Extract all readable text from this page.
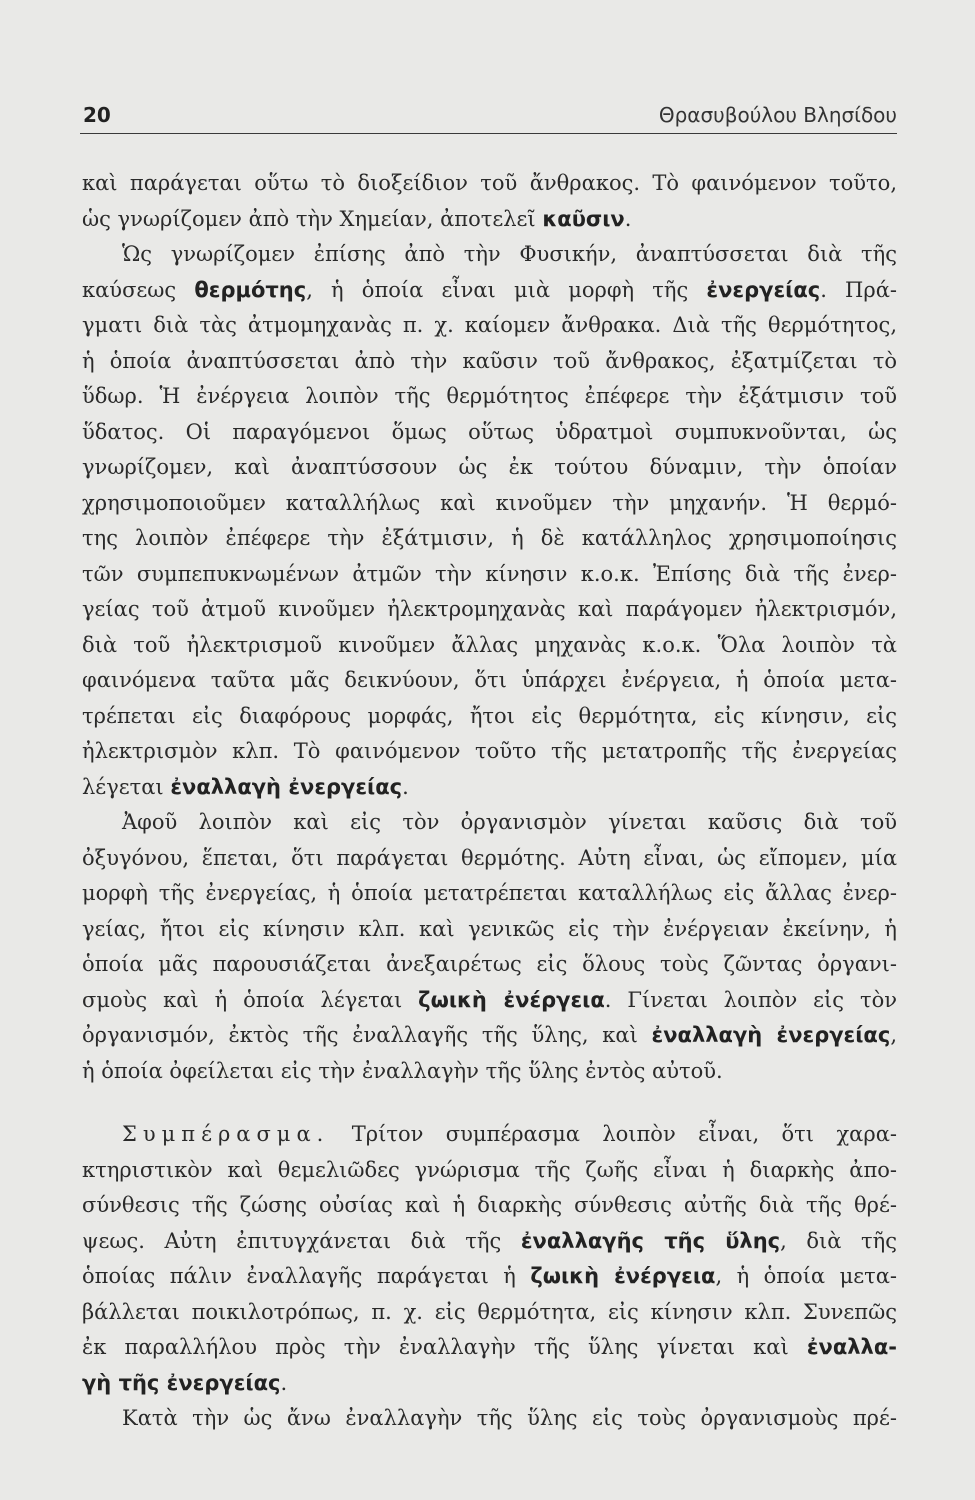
20	Θρασυβούλου Βλησίδου
καὶ παράγεται οὕτω τὸ διοξείδιον τοῦ ἄνθρακος. Τὸ φαινόμενον τοῦτο,
ὡς γνωρίζομεν ἀπὸ τὴν Χημείαν, ἀποτελεῖ καῦσιν.
Ὡς γνωρίζομεν ἐπίσης ἀπὸ τὴν Φυσικήν, ἀναπτύσσεται διὰ τῆς
καύσεως θερμότης, ἡ ὁποία εἶναι μιὰ μορφὴ τῆς ἐνεργείας. Πρά-
γματι διὰ τὰς ἀτμομηχανὰς π. χ. καίομεν ἄνθρακα. Διὰ τῆς θερμότητος,
ἡ ὁποία ἀναπτύσσεται ἀπὸ τὴν καῦσιν τοῦ ἄνθρακος, ἐξατμίζεται τὸ
ὕδωρ. Ἡ ἐνέργεια λοιπὸν τῆς θερμότητος ἐπέφερε τὴν ἐξάτμισιν τοῦ
ὕδατος. Οἱ παραγόμενοι ὅμως οὕτως ὑδρατμοὶ συμπυκνοῦνται, ὡς
γνωρίζομεν, καὶ ἀναπτύσσουν ὡς ἐκ τούτου δύναμιν, τὴν ὁποίαν
χρησιμοποιοῦμεν καταλλήλως καὶ κινοῦμεν τὴν μηχανήν. Ἡ θερμό-
της λοιπὸν ἐπέφερε τὴν ἐξάτμισιν, ἡ δὲ κατάλληλος χρησιμοποίησις
τῶν συμπεπυκνωμένων ἀτμῶν τὴν κίνησιν κ.ο.κ. Ἐπίσης διὰ τῆς ἐνερ-
γείας τοῦ ἀτμοῦ κινοῦμεν ἠλεκτρομηχανὰς καὶ παράγομεν ἠλεκτρισμόν,
διὰ τοῦ ἠλεκτρισμοῦ κινοῦμεν ἄλλας μηχανὰς κ.ο.κ. Ὅλα λοιπὸν τὰ
φαινόμενα ταῦτα μᾶς δεικνύουν, ὅτι ὑπάρχει ἐνέργεια, ἡ ὁποία μετα-
τρέπεται εἰς διαφόρους μορφάς, ἤτοι εἰς θερμότητα, εἰς κίνησιν, εἰς
ἠλεκτρισμὸν κλπ. Τὸ φαινόμενον τοῦτο τῆς μετατροπῆς τῆς ἐνεργείας
λέγεται ἐναλλαγὴ ἐνεργείας.
Ἀφοῦ λοιπὸν καὶ εἰς τὸν ὀργανισμὸν γίνεται καῦσις διὰ τοῦ
ὀξυγόνου, ἕπεται, ὅτι παράγεται θερμότης. Αὐτη εἶναι, ὡς εἴπομεν, μία
μορφὴ τῆς ἐνεργείας, ἡ ὁποία μετατρέπεται καταλλήλως εἰς ἄλλας ἐνερ-
γείας, ἤτοι εἰς κίνησιν κλπ. καὶ γενικῶς εἰς τὴν ἐνέργειαν ἐκείνην, ἡ
ὁποία μᾶς παρουσιάζεται ἀνεξαιρέτως εἰς ὅλους τοὺς ζῶντας ὀργανι-
σμοὺς καὶ ἡ ὁποία λέγεται ζωικὴ ἐνέργεια. Γίνεται λοιπὸν εἰς τὸν
ὀργανισμόν, ἐκτὸς τῆς ἐναλλαγῆς τῆς ὕλης, καὶ ἐναλλαγὴ ἐνεργείας,
ἡ ὁποία ὀφείλεται εἰς τὴν ἐναλλαγὴν τῆς ὕλης ἐντὸς αὐτοῦ.
Συμπέρασμα. Τρίτον συμπέρασμα λοιπὸν εἶναι, ὅτι χαρα-
κτηριστικὸν καὶ θεμελιῶδες γνώρισμα τῆς ζωῆς εἶναι ἡ διαρκὴς ἀπο-
σύνθεσις τῆς ζώσης οὐσίας καὶ ἡ διαρκὴς σύνθεσις αὐτῆς διὰ τῆς θρέ-
ψεως. Αὐτη ἐπιτυγχάνεται διὰ τῆς ἐναλλαγῆς τῆς ὕλης, διὰ τῆς
ὁποίας πάλιν ἐναλλαγῆς παράγεται ἡ ζωικὴ ἐνέργεια, ἡ ὁποία μετα-
βάλλεται ποικιλοτρόπως, π. χ. εἰς θερμότητα, εἰς κίνησιν κλπ. Συνεπῶς
ἐκ παραλλήλου πρὸς τὴν ἐναλλαγὴν τῆς ὕλης γίνεται καὶ ἐναλλα-
γὴ τῆς ἐνεργείας.
Κατὰ τὴν ὡς ἄνω ἐναλλαγὴν τῆς ὕλης εἰς τοὺς ὀργανισμοὺς πρέ-
